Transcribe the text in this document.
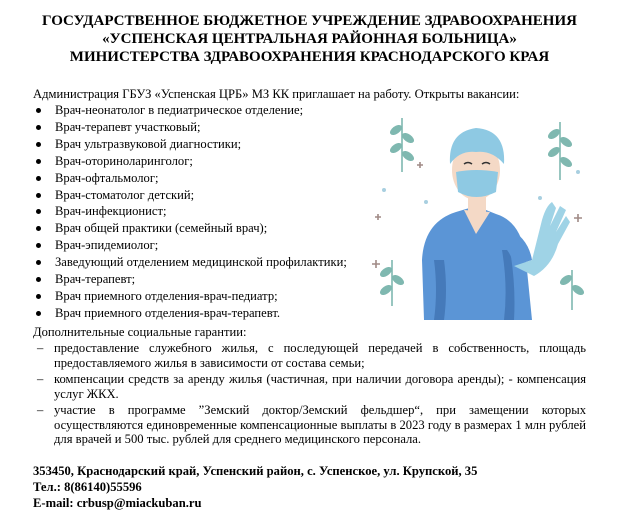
ГОСУДАРСТВЕННОЕ БЮДЖЕТНОЕ УЧРЕЖДЕНИЕ ЗДРАВООХРАНЕНИЯ
«УСПЕНСКАЯ ЦЕНТРАЛЬНАЯ РАЙОННАЯ БОЛЬНИЦА»
МИНИСТЕРСТВА ЗДРАВООХРАНЕНИЯ КРАСНОДАРСКОГО КРАЯ
Администрация ГБУЗ «Успенская ЦРБ» МЗ КК приглашает на работу. Открыты вакансии:
Врач-неонатолог в педиатрическое отделение;
Врач-терапевт участковый;
Врач ультразвуковой диагностики;
Врач-оториноларинголог;
Врач-офтальмолог;
Врач-стоматолог детский;
Врач-инфекционист;
Врач общей практики (семейный врач);
Врач-эпидемиолог;
Заведующий отделением медицинской профилактики;
Врач-терапевт;
Врач приемного отделения-врач-педиатр;
Врач приемного отделения-врач-терапевт.
Дополнительные социальные гарантии:
– предоставление служебного жилья, с последующей передачей в собственность, площадь предоставляемого жилья в зависимости от состава семьи;
– компенсации средств за аренду жилья (частичная, при наличии договора аренды); - компенсация услуг ЖКХ.
– участие в программе ”Земский доктор/Земский фельдшер“, при замещении которых осуществляются единовременные компенсационные выплаты в 2023 году в размерах 1 млн рублей для врачей и 500 тыс. рублей для среднего медицинского персонала.
353450, Краснодарский край, Успенский район, с. Успенское, ул. Крупской, 35
Тел.: 8(86140)55596
E-mail: crbusp@miackuban.ru
